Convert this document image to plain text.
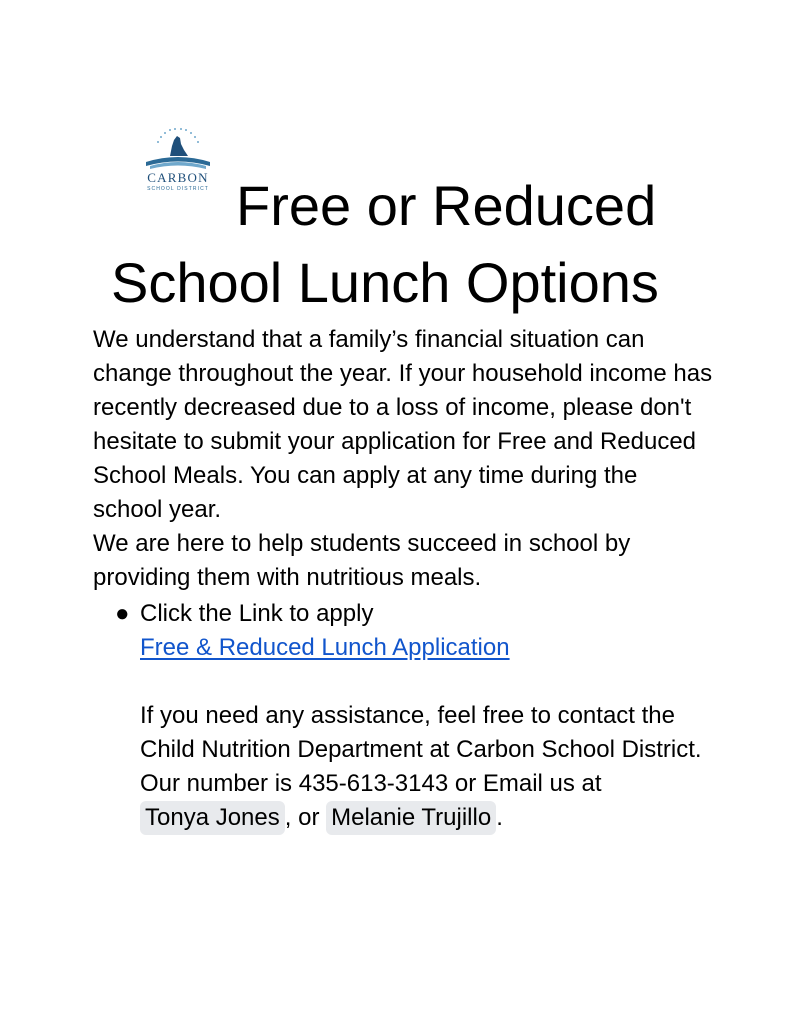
CARBON
SCHOOL DISTRICT Free or Reduced
School Lunch Options

We understand that a family’s financial situation can change throughout the year. If your household income has recently decreased due to a loss of income, please don't hesitate to submit your application for Free and Reduced School Meals. You can apply at any time during the school year.

We are here to help students succeed in school by providing them with nutritious meals.

● Click the Link to apply
Free & Reduced Lunch Application
If you need any assistance, feel free to contact the Child Nutrition Department at Carbon School District. Our number is 435-613-3143 or Email us at Tonya Jones , or Melanie Trujillo .
